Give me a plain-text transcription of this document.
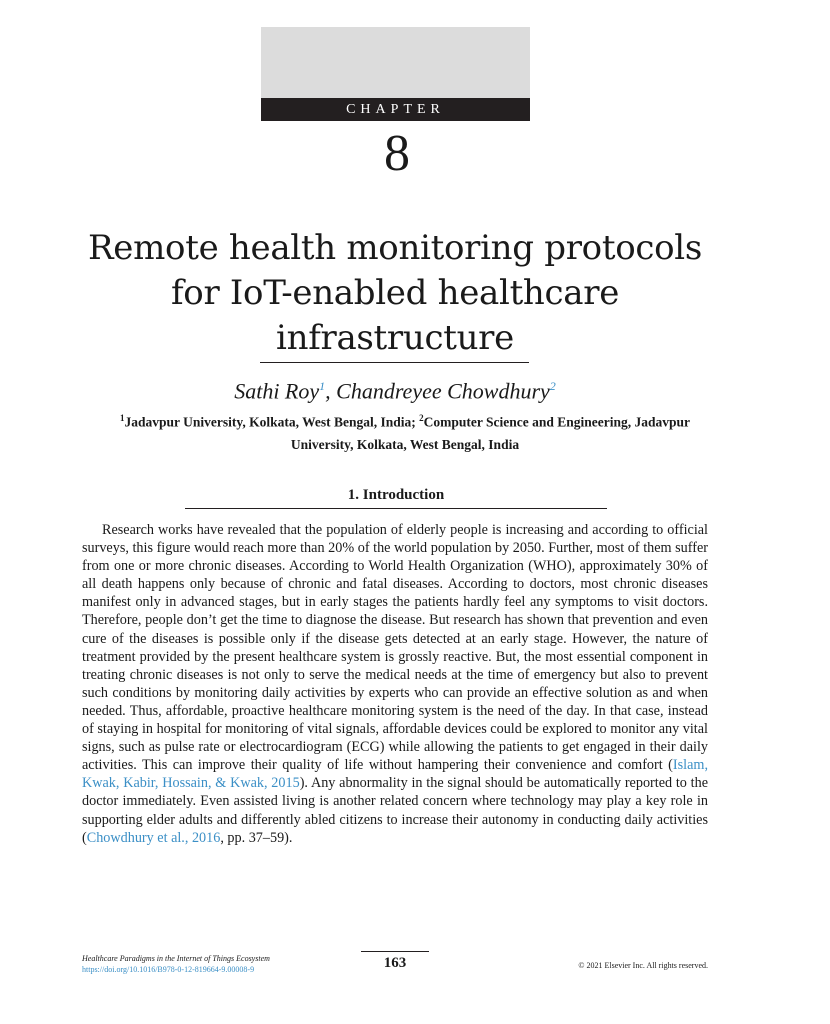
CHAPTER
8
Remote health monitoring protocols
for IoT-enabled healthcare
infrastructure
Sathi Roy$^1$, Chandreyee Chowdhury$^2$
$^1$Jadavpur University, Kolkata, West Bengal, India; $^2$Computer Science and Engineering, Jadavpur University, Kolkata, West Bengal, India
1. Introduction

Research works have revealed that the population of elderly people is increasing and according to official surveys, this figure would reach more than 20% of the world population by 2050. Further, most of them suffer from one or more chronic diseases. According to World Health Organization (WHO), approximately 30% of all death happens only because of chronic and fatal diseases. According to doctors, most chronic diseases manifest only in advanced stages, but in early stages the patients hardly feel any symptoms to visit doctors. Therefore, people don’t get the time to diagnose the disease. But research has shown that prevention and even cure of the diseases is possible only if the disease gets detected at an early stage. However, the nature of treatment provided by the present healthcare system is grossly reactive. But, the most essential component in treating chronic diseases is not only to serve the medical needs at the time of emergency but also to prevent such conditions by monitoring daily activities by experts who can provide an effective solution as and when needed. Thus, affordable, proactive healthcare monitoring system is the need of the day. In that case, instead of staying in hospital for monitoring of vital signals, affordable devices could be explored to monitor any vital signs, such as pulse rate or electrocardiogram (ECG) while allowing the patients to get engaged in their daily activities. This can improve their quality of life without hampering their convenience and comfort (Islam, Kwak, Kabir, Hossain, & Kwak, 2015). Any abnormality in the signal should be automatically reported to the doctor immediately. Even assisted living is another related concern where technology may play a key role in supporting elder adults and differently abled citizens to increase their autonomy in conducting daily activities (Chowdhury et al., 2016, pp. 37–59).

Healthcare Paradigms in the Internet of Things Ecosystem
https://doi.org/10.1016/B978-0-12-819664-9.00008-9	163	© 2021 Elsevier Inc. All rights reserved.
